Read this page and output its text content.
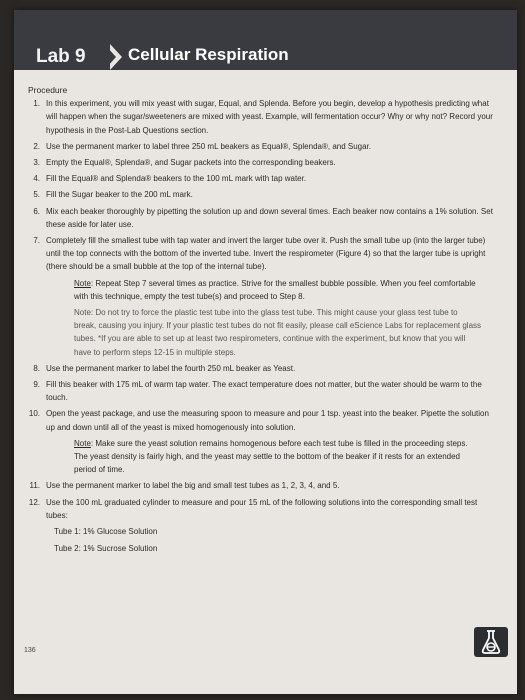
Lab 9 Cellular Respiration
Procedure
1. In this experiment, you will mix yeast with sugar, Equal, and Splenda. Before you begin, develop a hypothesis predicting what will happen when the sugar/sweeteners are mixed with yeast. Example, will fermentation occur? Why or why not? Record your hypothesis in the Post-Lab Questions section.
2. Use the permanent marker to label three 250 mL beakers as Equal®, Splenda®, and Sugar.
3. Empty the Equal®, Splenda®, and Sugar packets into the corresponding beakers.
4. Fill the Equal® and Splenda® beakers to the 100 mL mark with tap water.
5. Fill the Sugar beaker to the 200 mL mark.
6. Mix each beaker thoroughly by pipetting the solution up and down several times. Each beaker now contains a 1% solution. Set these aside for later use.
7. Completely fill the smallest tube with tap water and invert the larger tube over it. Push the small tube up (into the larger tube) until the top connects with the bottom of the inverted tube. Invert the respirometer (Figure 4) so that the larger tube is upright (there should be a small bubble at the top of the internal tube).
Note: Repeat Step 7 several times as practice. Strive for the smallest bubble possible. When you feel comfortable with this technique, empty the test tube(s) and proceed to Step 8.
Note: Do not try to force the plastic test tube into the glass test tube. This might cause your glass test tube to break, causing you injury. If your plastic test tubes do not fit easily, please call eScience Labs for replacement glass tubes. *If you are able to set up at least two respirometers, continue with the experiment, but know that you will have to perform steps 12-15 in multiple steps.
8. Use the permanent marker to label the fourth 250 mL beaker as Yeast.
9. Fill this beaker with 175 mL of warm tap water. The exact temperature does not matter, but the water should be warm to the touch.
10. Open the yeast package, and use the measuring spoon to measure and pour 1 tsp. yeast into the beaker. Pipette the solution up and down until all of the yeast is mixed homogenously into solution.
Note: Make sure the yeast solution remains homogenous before each test tube is filled in the proceeding steps. The yeast density is fairly high, and the yeast may settle to the bottom of the beaker if it rests for an extended period of time.
11. Use the permanent marker to label the big and small test tubes as 1, 2, 3, 4, and 5.
12. Use the 100 mL graduated cylinder to measure and pour 15 mL of the following solutions into the corresponding small test tubes:
Tube 1: 1% Glucose Solution
Tube 2: 1% Sucrose Solution
136
